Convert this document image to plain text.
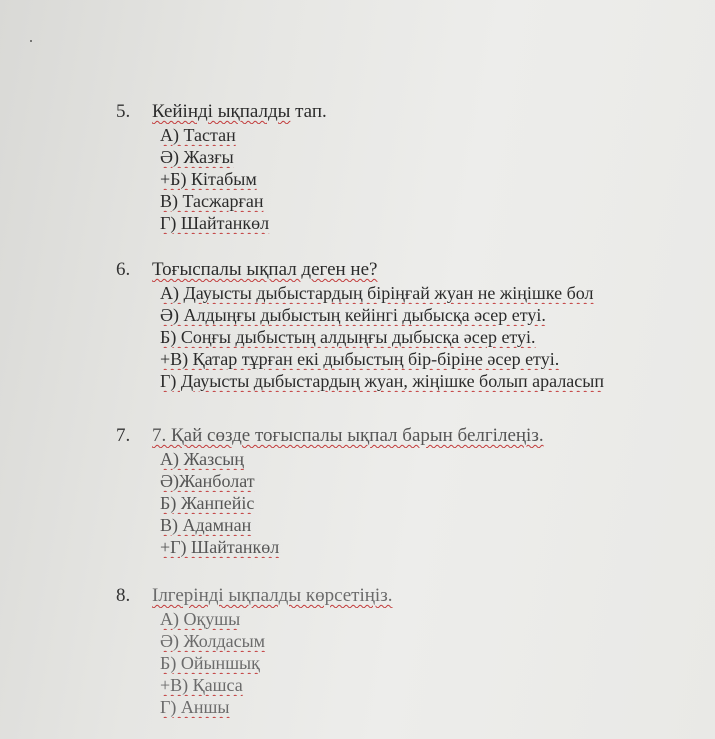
5. Кейінді ықпалды тап.
А) Тастан
Ә) Жазғы
+Б) Кітабым
В) Тасжарған
Г) Шайтанкөл
6. Тоғыспалы ықпал деген не?
А) Дауысты дыбыстардың біріңғай жуан не жіңішке бол
Ә) Алдыңғы дыбыстың кейінгі дыбысқа әсер етуі.
Б) Соңғы дыбыстың алдыңғы дыбысқа әсер етуі.
+В) Қатар тұрған екі дыбыстың бір-біріне әсер етуі.
Г) Дауысты дыбыстардың жуан, жіңішке болып араласып
7. 7. Қай сөзде тоғыспалы ықпал барын белгілеңіз.
А) Жазсың
Ә)Жанболат
Б) Жанпейіс
В) Адамнан
+Г) Шайтанкөл
8. Ілгерінді ықпалды көрсетіңіз.
А) Оқушы
Ә) Жолдасым
Б) Ойыншық
+В) Қашса
Г) Аншы
